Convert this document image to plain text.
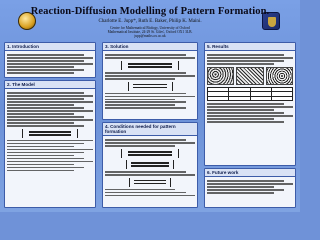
Reaction-Diffusion Modelling of Pattern Formation.
Charlotte E. Jupp*, Ruth E. Baker, Philip K. Maini.
Centre for Mathematical Biology, University of Oxford
Mathematical Institute, 24-29 St. Giles', Oxford OX1 3LB.
jupp@maths.ox.ac.uk
1. Introduction
2. The Model
3. Solution
4. Conditions needed for pattern formation
5. Results

6. Future work
